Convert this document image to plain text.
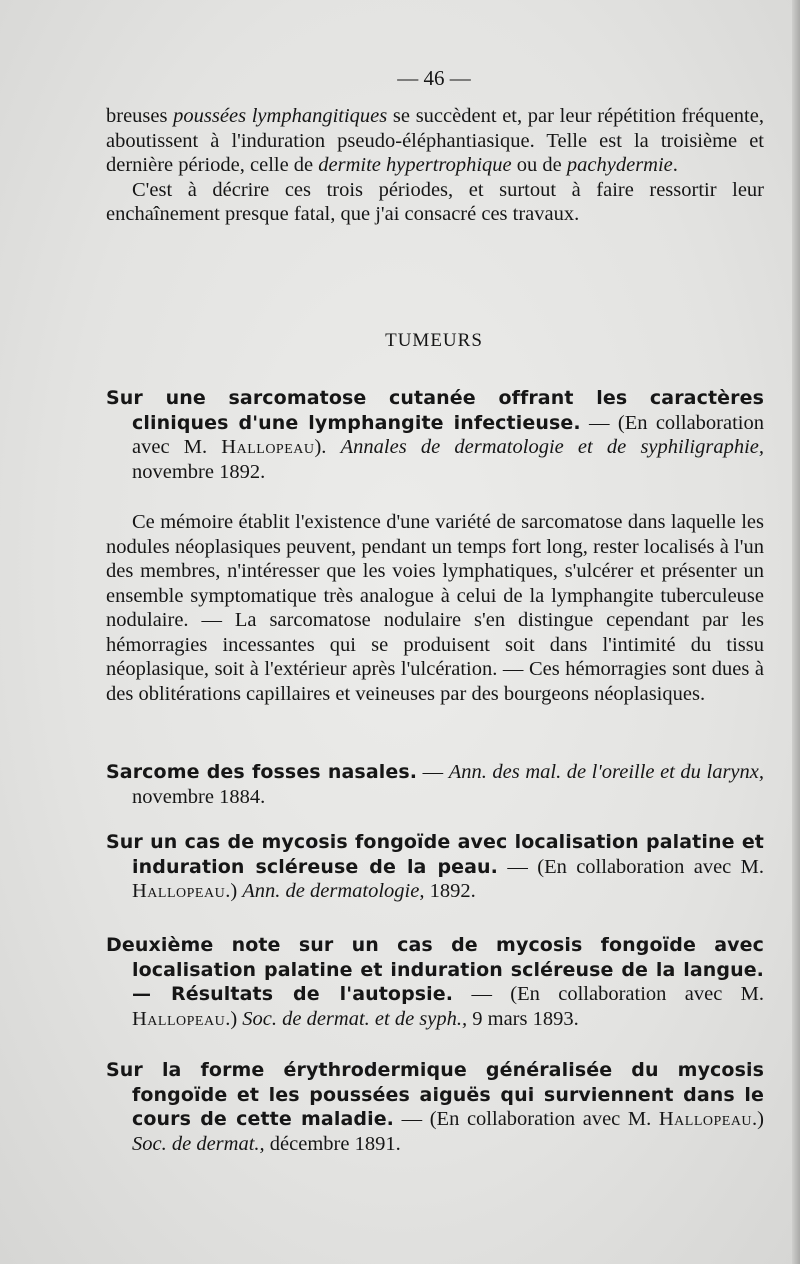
— 46 —

breuses poussées lymphangitiques se succèdent et, par leur répétition fréquente, aboutissent à l'induration pseudo-éléphantiasique. Telle est la troisième et dernière période, celle de dermite hypertrophique ou de pachydermie.

C'est à décrire ces trois périodes, et surtout à faire ressortir leur enchaînement presque fatal, que j'ai consacré ces travaux.

TUMEURS

Sur une sarcomatose cutanée offrant les caractères cliniques d'une lymphangite infectieuse. — (En collaboration avec M. Hallopeau). Annales de dermatologie et de syphiligraphie, novembre 1892.

Ce mémoire établit l'existence d'une variété de sarcomatose dans laquelle les nodules néoplasiques peuvent, pendant un temps fort long, rester localisés à l'un des membres, n'intéresser que les voies lymphatiques, s'ulcérer et présenter un ensemble symptomatique très analogue à celui de la lymphangite tuberculeuse nodulaire. — La sarcomatose nodulaire s'en distingue cependant par les hémorragies incessantes qui se produisent soit dans l'intimité du tissu néoplasique, soit à l'extérieur après l'ulcération. — Ces hémorragies sont dues à des oblitérations capillaires et veineuses par des bourgeons néoplasiques.

Sarcome des fosses nasales. — Ann. des mal. de l'oreille et du larynx, novembre 1884.

Sur un cas de mycosis fongoïde avec localisation palatine et induration scléreuse de la peau. — (En collaboration avec M. Hallopeau.) Ann. de dermatologie, 1892.

Deuxième note sur un cas de mycosis fongoïde avec localisation palatine et induration scléreuse de la langue. — Résultats de l'autopsie. — (En collaboration avec M. Hallopeau.) Soc. de dermat. et de syph., 9 mars 1893.

Sur la forme érythrodermique généralisée du mycosis fongoïde et les poussées aiguës qui surviennent dans le cours de cette maladie. — (En collaboration avec M. Hallopeau.) Soc. de dermat., décembre 1891.
